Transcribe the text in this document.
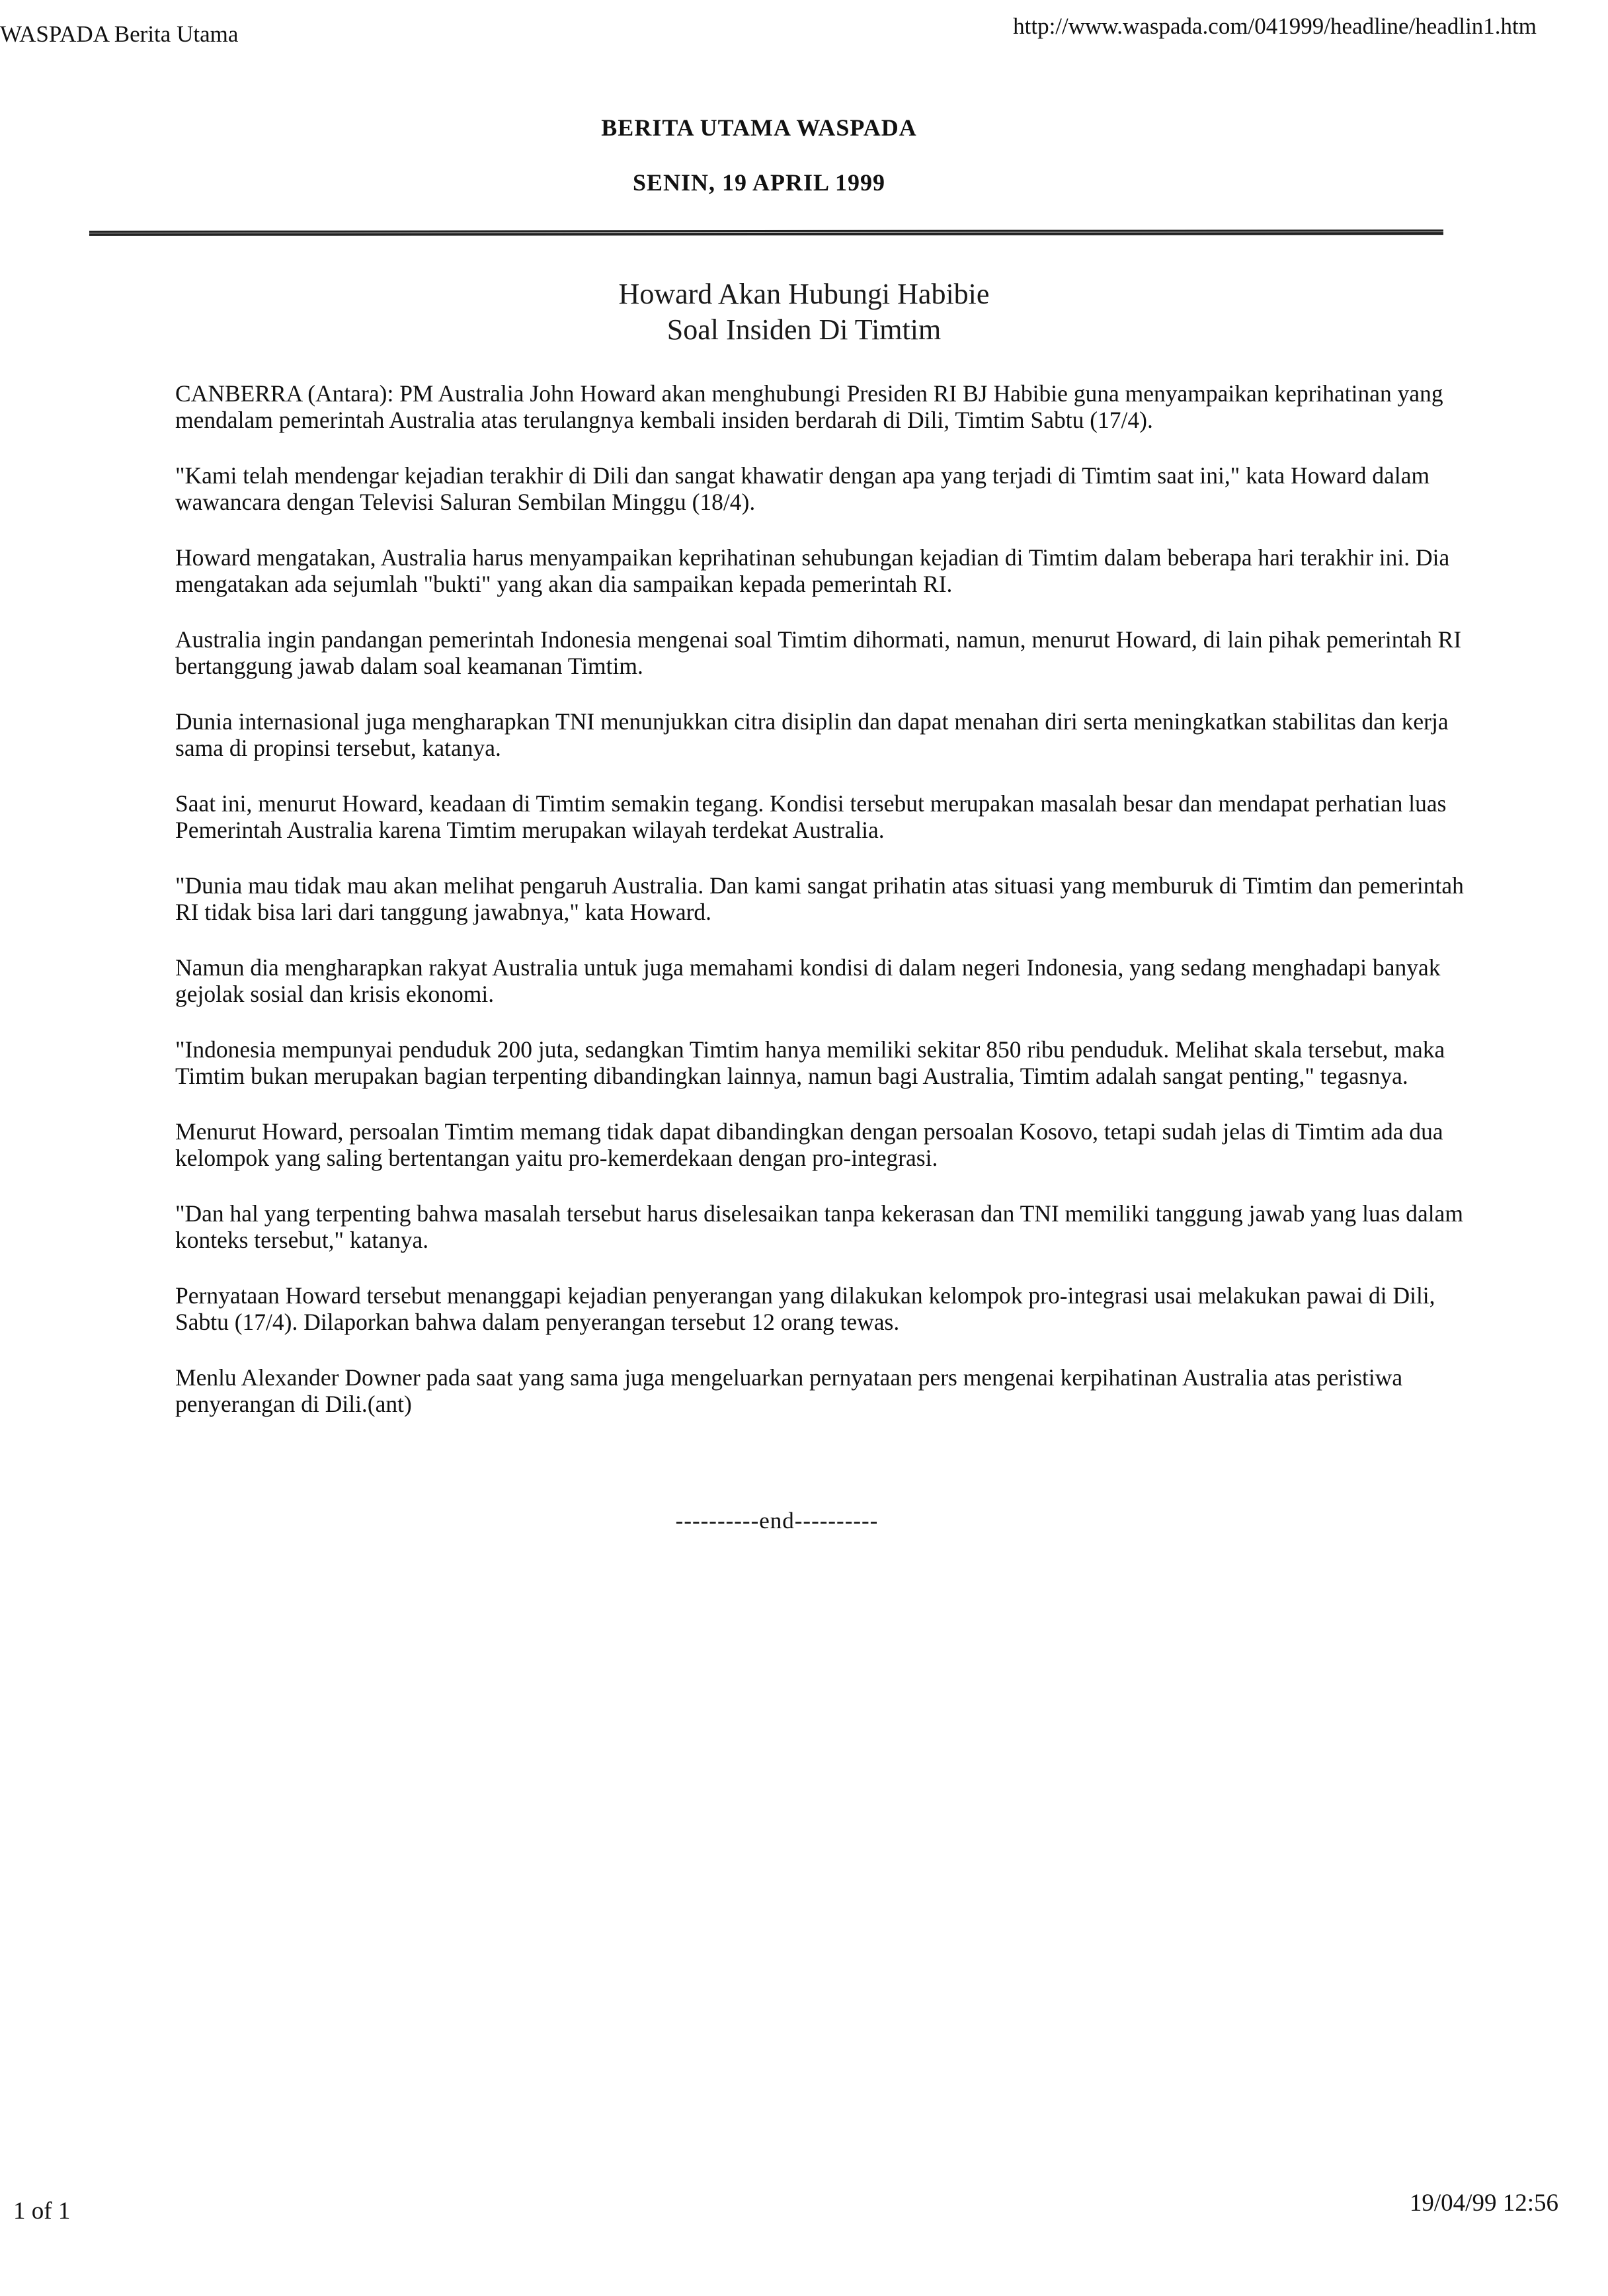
WASPADA Berita Utama	http://www.waspada.com/041999/headline/headlin1.htm
BERITA UTAMA WASPADA
SENIN, 19 APRIL 1999
Howard Akan Hubungi Habibie
Soal Insiden Di Timtim

CANBERRA (Antara): PM Australia John Howard akan menghubungi Presiden RI BJ Habibie guna menyampaikan keprihatinan yang mendalam pemerintah Australia atas terulangnya kembali insiden berdarah di Dili, Timtim Sabtu (17/4).

"Kami telah mendengar kejadian terakhir di Dili dan sangat khawatir dengan apa yang terjadi di Timtim saat ini," kata Howard dalam wawancara dengan Televisi Saluran Sembilan Minggu (18/4).

Howard mengatakan, Australia harus menyampaikan keprihatinan sehubungan kejadian di Timtim dalam beberapa hari terakhir ini. Dia mengatakan ada sejumlah "bukti" yang akan dia sampaikan kepada pemerintah RI.

Australia ingin pandangan pemerintah Indonesia mengenai soal Timtim dihormati, namun, menurut Howard, di lain pihak pemerintah RI bertanggung jawab dalam soal keamanan Timtim.

Dunia internasional juga mengharapkan TNI menunjukkan citra disiplin dan dapat menahan diri serta meningkatkan stabilitas dan kerja sama di propinsi tersebut, katanya.

Saat ini, menurut Howard, keadaan di Timtim semakin tegang. Kondisi tersebut merupakan masalah besar dan mendapat perhatian luas Pemerintah Australia karena Timtim merupakan wilayah terdekat Australia.

"Dunia mau tidak mau akan melihat pengaruh Australia. Dan kami sangat prihatin atas situasi yang memburuk di Timtim dan pemerintah RI tidak bisa lari dari tanggung jawabnya," kata Howard.

Namun dia mengharapkan rakyat Australia untuk juga memahami kondisi di dalam negeri Indonesia, yang sedang menghadapi banyak gejolak sosial dan krisis ekonomi.

"Indonesia mempunyai penduduk 200 juta, sedangkan Timtim hanya memiliki sekitar 850 ribu penduduk. Melihat skala tersebut, maka Timtim bukan merupakan bagian terpenting dibandingkan lainnya, namun bagi Australia, Timtim adalah sangat penting," tegasnya.

Menurut Howard, persoalan Timtim memang tidak dapat dibandingkan dengan persoalan Kosovo, tetapi sudah jelas di Timtim ada dua kelompok yang saling bertentangan yaitu pro-kemerdekaan dengan pro-integrasi.

"Dan hal yang terpenting bahwa masalah tersebut harus diselesaikan tanpa kekerasan dan TNI memiliki tanggung jawab yang luas dalam konteks tersebut," katanya.

Pernyataan Howard tersebut menanggapi kejadian penyerangan yang dilakukan kelompok pro-integrasi usai melakukan pawai di Dili, Sabtu (17/4). Dilaporkan bahwa dalam penyerangan tersebut 12 orang tewas.

Menlu Alexander Downer pada saat yang sama juga mengeluarkan pernyataan pers mengenai kerpihatinan Australia atas peristiwa penyerangan di Dili.(ant)

----------end----------
1 of 1	19/04/99 12:56
